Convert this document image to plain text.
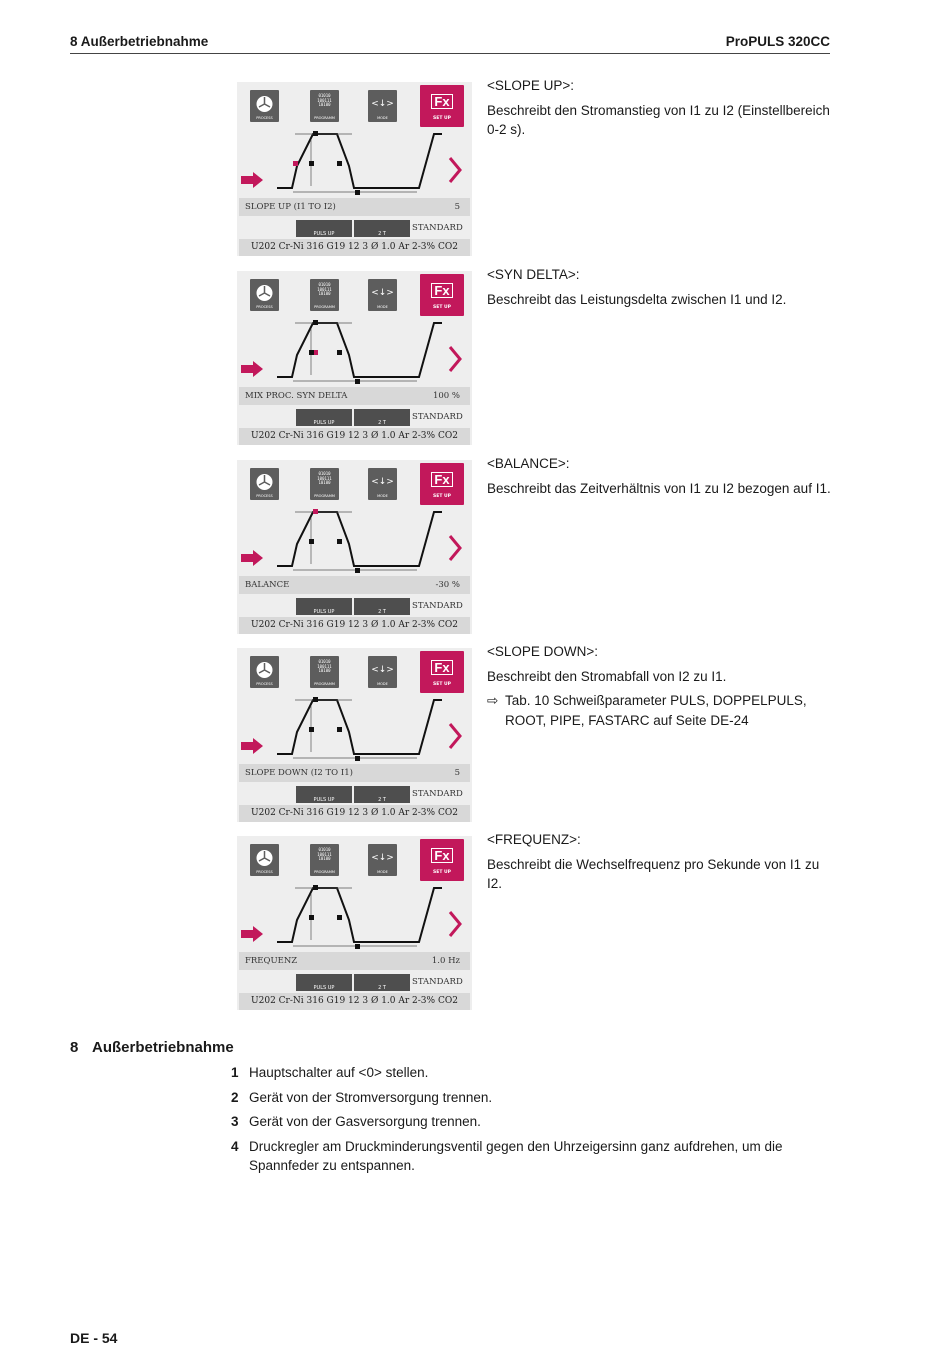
8 Außerbetriebnahme	ProPULS 320CC
PROCESS
01010
100111
10100
PROGRAMM
<↓>
MODE
Fx
SET UP
SLOPE UP (I1 TO I2)	5
PULS UP	2 T
STANDARD
U202 Cr-Ni 316 G19 12 3 Ø 1.0 Ar 2-3% CO2

<SLOPE UP>:

Beschreibt den Stromanstieg von I1 zu I2 (Einstellbereich 0-2 s).

PROCESS
01010
100111
10100
PROGRAMM
<↓>
MODE
Fx
SET UP
MIX PROC. SYN DELTA	100 %
PULS UP	2 T
STANDARD
U202 Cr-Ni 316 G19 12 3 Ø 1.0 Ar 2-3% CO2

<SYN DELTA>:

Beschreibt das Leistungsdelta zwischen I1 und I2.

PROCESS
01010
100111
10100
PROGRAMM
<↓>
MODE
Fx
SET UP
BALANCE	-30 %
PULS UP	2 T
STANDARD
U202 Cr-Ni 316 G19 12 3 Ø 1.0 Ar 2-3% CO2

<BALANCE>:

Beschreibt das Zeitverhältnis von I1 zu I2 bezogen auf I1.

PROCESS
01010
100111
10100
PROGRAMM
<↓>
MODE
Fx
SET UP
SLOPE DOWN (I2 TO I1)	5
PULS UP	2 T
STANDARD
U202 Cr-Ni 316 G19 12 3 Ø 1.0 Ar 2-3% CO2

<SLOPE DOWN>:

Beschreibt den Stromabfall von I2 zu I1.

⇨ Tab. 10 Schweißparameter PULS, DOPPELPULS, ROOT, PIPE, FASTARC auf Seite DE-24

PROCESS
01010
100111
10100
PROGRAMM
<↓>
MODE
Fx
SET UP
FREQUENZ	1.0 Hz
PULS UP	2 T
STANDARD
U202 Cr-Ni 316 G19 12 3 Ø 1.0 Ar 2-3% CO2

<FREQUENZ>:

Beschreibt die Wechselfrequenz pro Sekunde von I1 zu I2.

8 Außerbetriebnahme
1 Hauptschalter auf <0> stellen.
2 Gerät von der Stromversorgung trennen.
3 Gerät von der Gasversorgung trennen.
4 Druckregler am Druckminderungsventil gegen den Uhrzeigersinn ganz aufdrehen, um die Spannfeder zu entspannen.
DE - 54
